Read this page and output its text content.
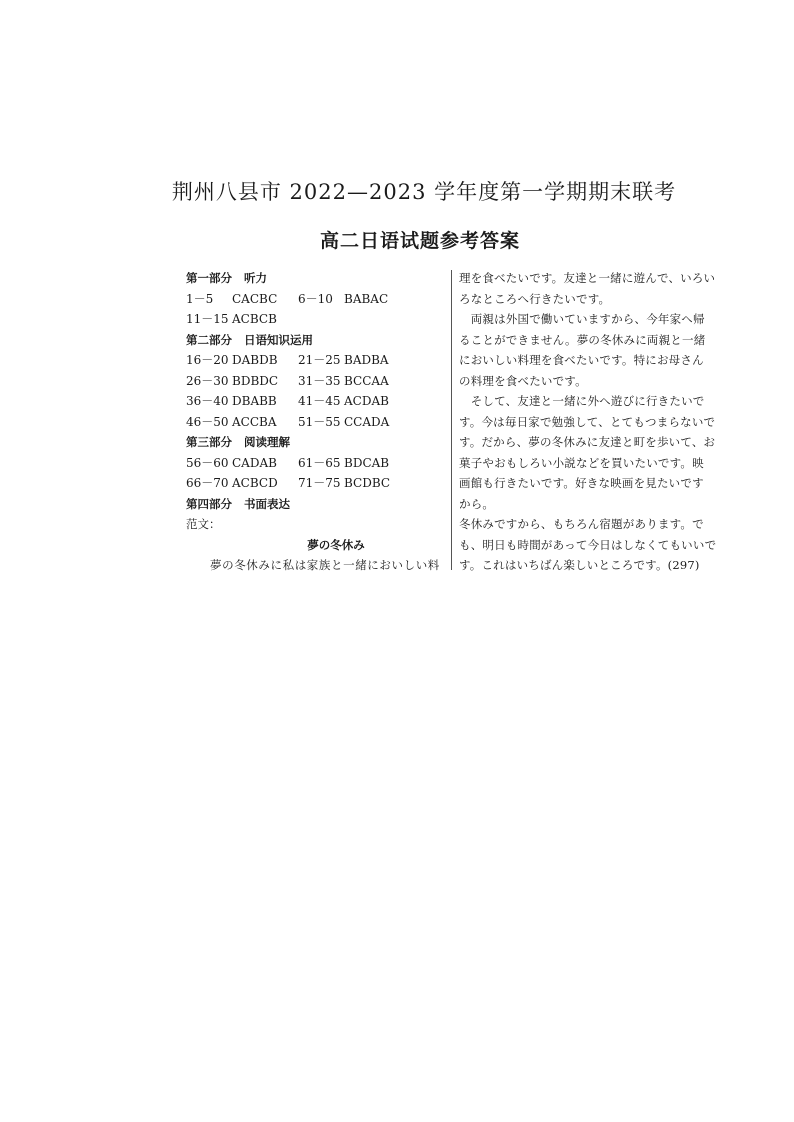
荆州八县市 2022—2023 学年度第一学期期末联考
高二日语试题参考答案
第一部分 听力
1－5 CACBC 6－10 BABAC
11－15 ACBCB
第二部分 日语知识运用
16－20 DABDB 21－25 BADBA
26－30 BDBDC 31－35 BCCAA
36－40 DBABB 41－45 ACDAB
46－50 ACCBA 51－55 CCADA
第三部分 阅读理解
56－60 CADAB 61－65 BDCAB
66－70 ACBCD 71－75 BCDBC
第四部分 书面表达
范文：
夢の冬休み
夢の冬休みに私は家族と一緒においしい料
理を食べたいです。友達と一緒に遊んで、いろい
ろなところへ行きたいです。
　両親は外国で働いていますから、今年家へ帰
ることができません。夢の冬休みに両親と一緒
においしい料理を食べたいです。特にお母さん
の料理を食べたいです。
　そして、友達と一緒に外へ遊びに行きたいで
す。今は毎日家で勉強して、とてもつまらないで
す。だから、夢の冬休みに友達と町を歩いて、お
菓子やおもしろい小説などを買いたいです。映
画館も行きたいです。好きな映画を見たいです
から。
冬休みですから、もちろん宿題があります。で
も、明日も時間があって今日はしなくてもいいで
す。これはいちばん楽しいところです。(297)
